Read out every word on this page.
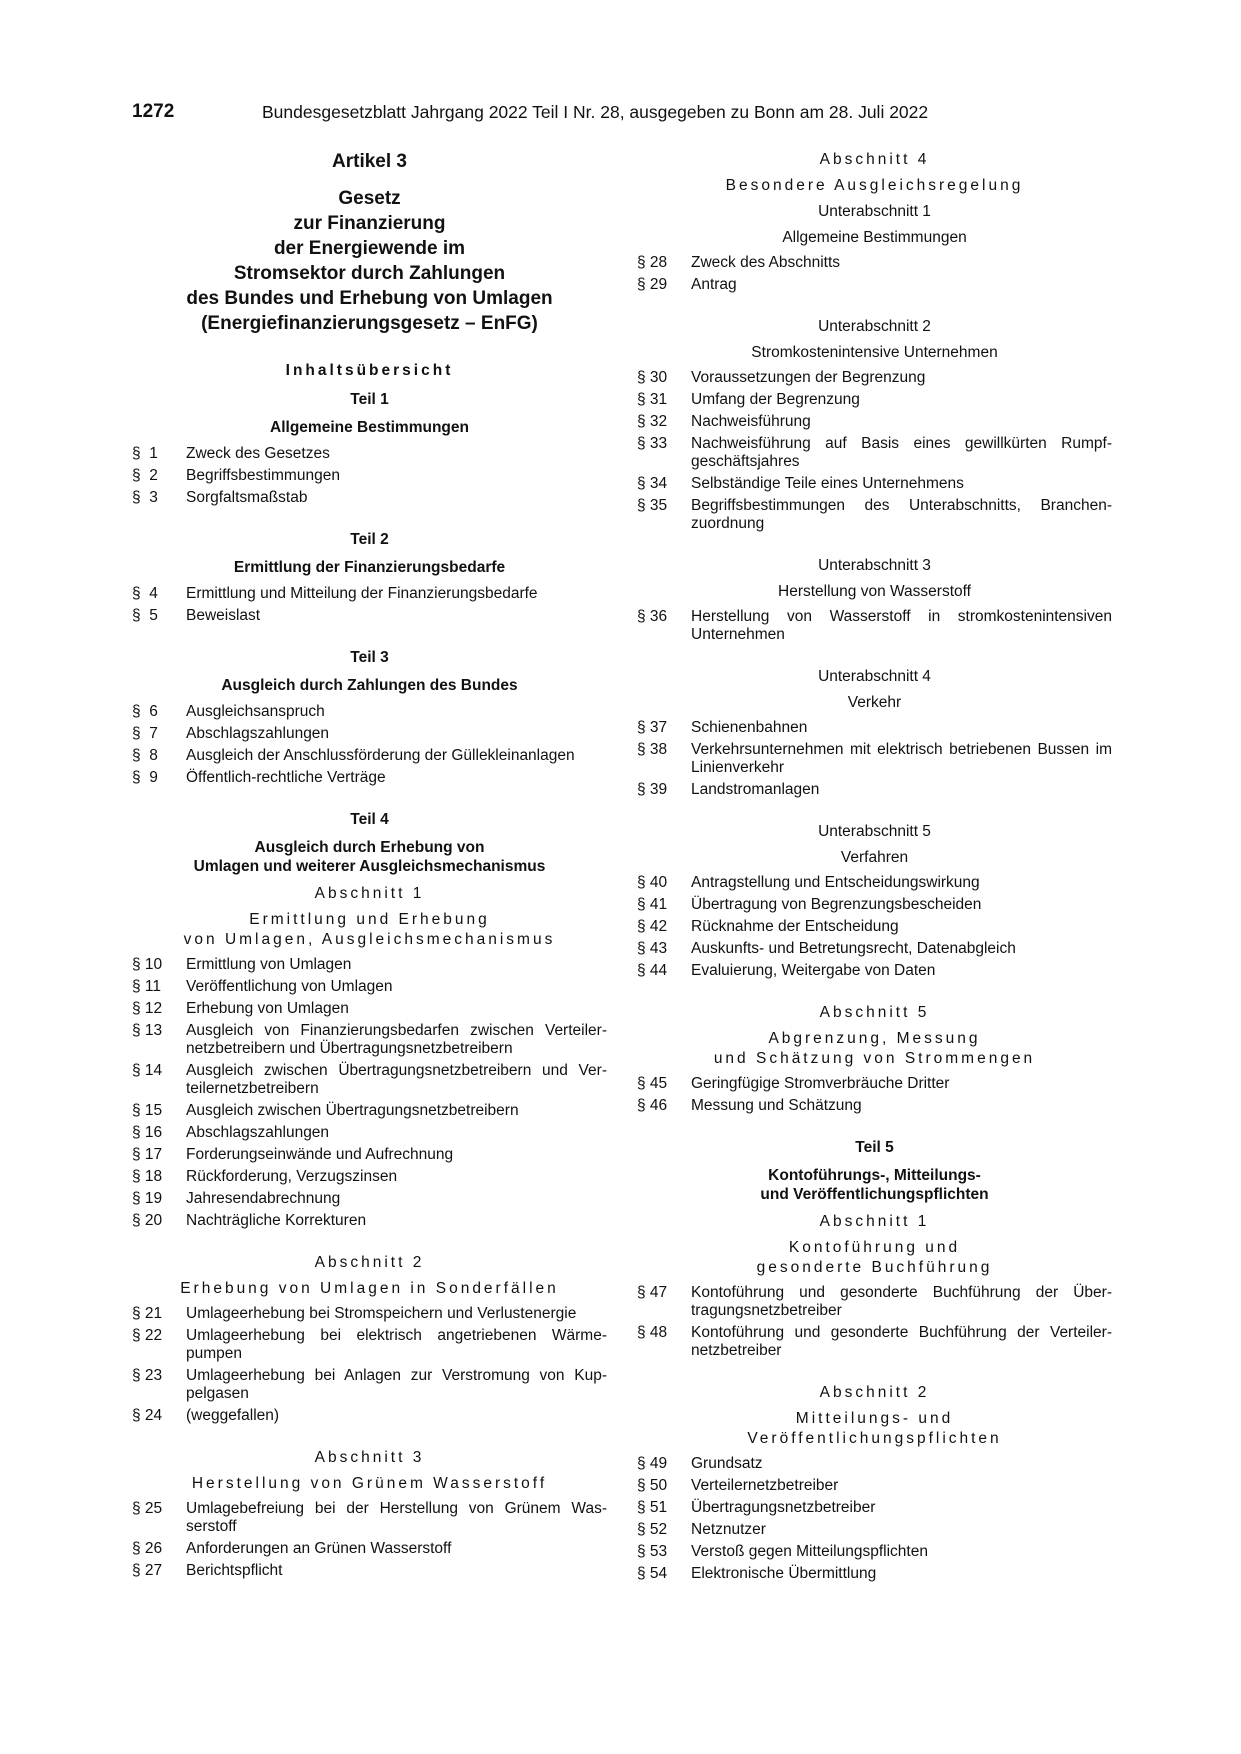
1272	Bundesgesetzblatt Jahrgang 2022 Teil I Nr. 28, ausgegeben zu Bonn am 28. Juli 2022
Artikel 3
Gesetz
zur Finanzierung
der Energiewende im
Stromsektor durch Zahlungen
des Bundes und Erhebung von Umlagen
(Energiefinanzierungsgesetz – EnFG)
Inhaltsübersicht
Teil 1
Allgemeine Bestimmungen
§  1	Zweck des Gesetzes
§  2	Begriffsbestimmungen
§  3	Sorgfaltsmaßstab
Teil 2
Ermittlung der Finanzierungsbedarfe
§  4	Ermittlung und Mitteilung der Finanzierungsbedarfe
§  5	Beweislast
Teil 3
Ausgleich durch Zahlungen des Bundes
§  6	Ausgleichsanspruch
§  7	Abschlagszahlungen
§  8	Ausgleich der Anschlussförderung der Güllekleinanlagen
§  9	Öffentlich-rechtliche Verträge
Teil 4
Ausgleich durch Erhebung von
Umlagen und weiterer Ausgleichsmechanismus
Abschnitt 1
Ermittlung und Erhebung
von Umlagen, Ausgleichsmechanismus
§ 10	Ermittlung von Umlagen
§ 11	Veröffentlichung von Umlagen
§ 12	Erhebung von Umlagen
§ 13	Ausgleich von Finanzierungsbedarfen zwischen Verteilernetzbetreibern und Übertragungsnetzbetreibern
§ 14	Ausgleich zwischen Übertragungsnetzbetreibern und Verteilernetzbetreibern
§ 15	Ausgleich zwischen Übertragungsnetzbetreibern
§ 16	Abschlagszahlungen
§ 17	Forderungseinwände und Aufrechnung
§ 18	Rückforderung, Verzugszinsen
§ 19	Jahresendabrechnung
§ 20	Nachträgliche Korrekturen
Abschnitt 2
Erhebung von Umlagen in Sonderfällen
§ 21	Umlageerhebung bei Stromspeichern und Verlustenergie
§ 22	Umlageerhebung bei elektrisch angetriebenen Wärmepumpen
§ 23	Umlageerhebung bei Anlagen zur Verstromung von Kuppelgasen
§ 24	(weggefallen)
Abschnitt 3
Herstellung von Grünem Wasserstoff
§ 25	Umlagebefreiung bei der Herstellung von Grünem Wasserstoff
§ 26	Anforderungen an Grünen Wasserstoff
§ 27	Berichtspflicht
Abschnitt 4
Besondere Ausgleichsregelung
Unterabschnitt 1
Allgemeine Bestimmungen
§ 28	Zweck des Abschnitts
§ 29	Antrag
Unterabschnitt 2
Stromkostenintensive Unternehmen
§ 30	Voraussetzungen der Begrenzung
§ 31	Umfang der Begrenzung
§ 32	Nachweisführung
§ 33	Nachweisführung auf Basis eines gewillkürten Rumpfgeschäftsjahres
§ 34	Selbständige Teile eines Unternehmens
§ 35	Begriffsbestimmungen des Unterabschnitts, Branchenzuordnung
Unterabschnitt 3
Herstellung von Wasserstoff
§ 36	Herstellung von Wasserstoff in stromkostenintensiven Unternehmen
Unterabschnitt 4
Verkehr
§ 37	Schienenbahnen
§ 38	Verkehrsunternehmen mit elektrisch betriebenen Bussen im Linienverkehr
§ 39	Landstromanlagen
Unterabschnitt 5
Verfahren
§ 40	Antragstellung und Entscheidungswirkung
§ 41	Übertragung von Begrenzungsbescheiden
§ 42	Rücknahme der Entscheidung
§ 43	Auskunfts- und Betretungsrecht, Datenabgleich
§ 44	Evaluierung, Weitergabe von Daten
Abschnitt 5
Abgrenzung, Messung
und Schätzung von Strommengen
§ 45	Geringfügige Stromverbräuche Dritter
§ 46	Messung und Schätzung
Teil 5
Kontoführungs-, Mitteilungs-
und Veröffentlichungspflichten
Abschnitt 1
Kontoführung und
gesonderte Buchführung
§ 47	Kontoführung und gesonderte Buchführung der Übertragungsnetzbetreiber
§ 48	Kontoführung und gesonderte Buchführung der Verteilernetzbetreiber
Abschnitt 2
Mitteilungs- und
Veröffentlichungspflichten
§ 49	Grundsatz
§ 50	Verteilernetzbetreiber
§ 51	Übertragungsnetzbetreiber
§ 52	Netznutzer
§ 53	Verstoß gegen Mitteilungspflichten
§ 54	Elektronische Übermittlung
